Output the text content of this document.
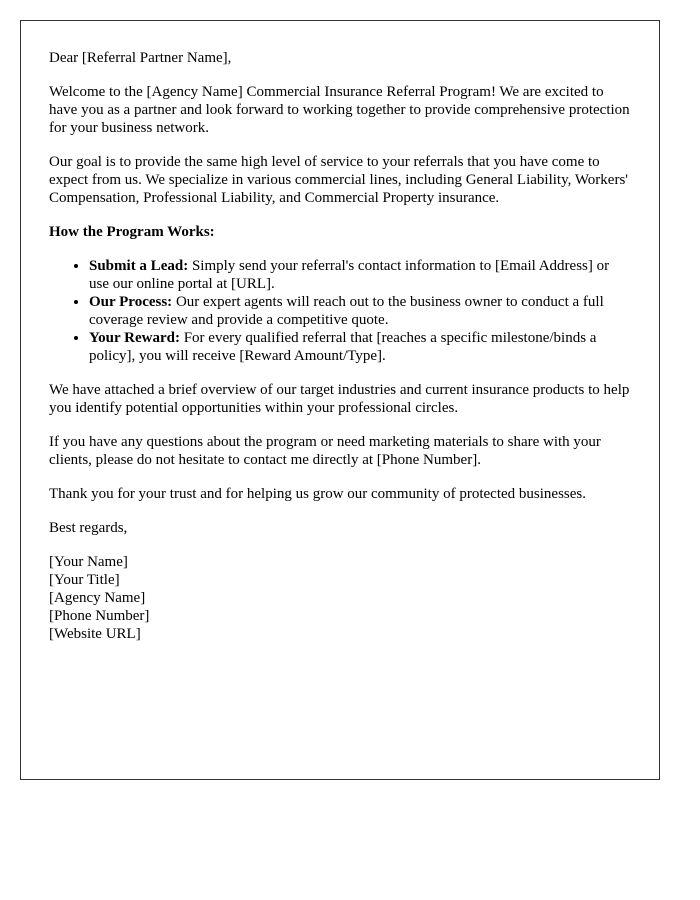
Dear [Referral Partner Name],

Welcome to the [Agency Name] Commercial Insurance Referral Program! We are excited to have you as a partner and look forward to working together to provide comprehensive protection for your business network.

Our goal is to provide the same high level of service to your referrals that you have come to expect from us. We specialize in various commercial lines, including General Liability, Workers' Compensation, Professional Liability, and Commercial Property insurance.

How the Program Works:
• Submit a Lead: Simply send your referral's contact information to [Email Address] or use our online portal at [URL].
• Our Process: Our expert agents will reach out to the business owner to conduct a full coverage review and provide a competitive quote.
• Your Reward: For every qualified referral that [reaches a specific milestone/binds a policy], you will receive [Reward Amount/Type].

We have attached a brief overview of our target industries and current insurance products to help you identify potential opportunities within your professional circles.

If you have any questions about the program or need marketing materials to share with your clients, please do not hesitate to contact me directly at [Phone Number].

Thank you for your trust and for helping us grow our community of protected businesses.

Best regards,

[Your Name]
[Your Title]
[Agency Name]
[Phone Number]
[Website URL]
